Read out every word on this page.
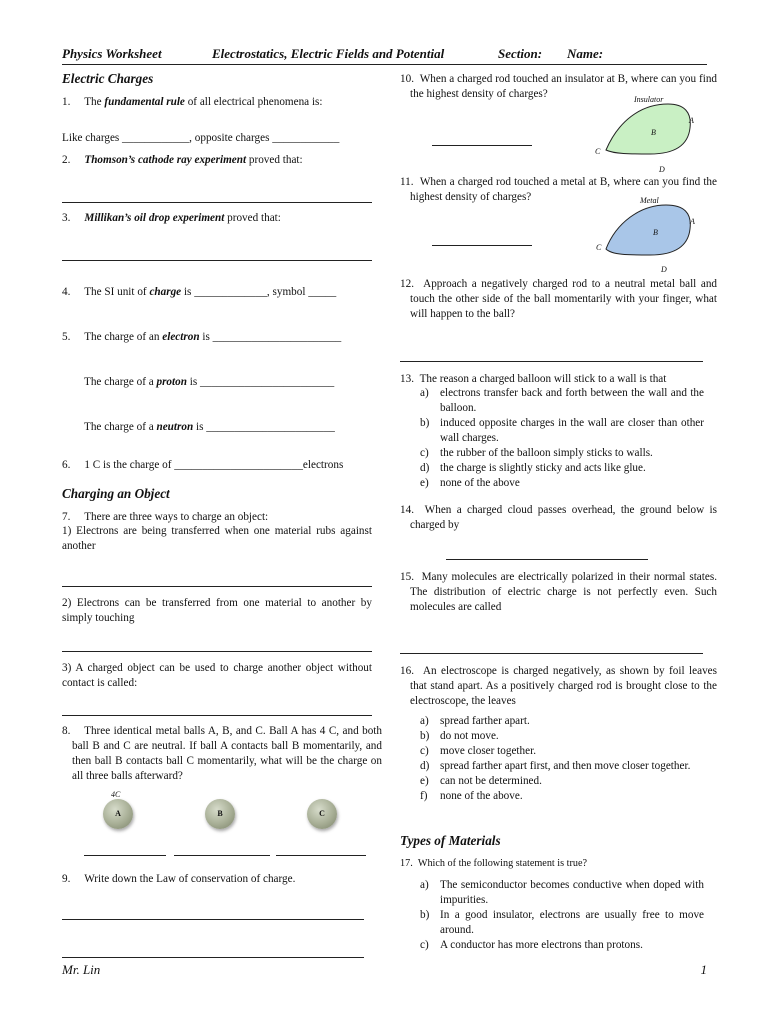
Physics Worksheet	Electrostatics, Electric Fields and Potential	Section: Name:
Electric Charges
1. The fundamental rule of all electrical phenomena is:
Like charges ____________, opposite charges ____________
2. Thomson’s cathode ray experiment proved that:
3. Millikan’s oil drop experiment proved that:
4. The SI unit of charge is _____________, symbol _____
5. The charge of an electron is _______________________
The charge of a proton is ________________________
The charge of a neutron is _______________________
6. 1 C is the charge of _______________________electrons
Charging an Object
7. There are three ways to charge an object:
1) Electrons are being transferred when one material rubs against another
2) Electrons can be transferred from one material to another by simply touching
3) A charged object can be used to charge another object without contact is called:
8. Three identical metal balls A, B, and C. Ball A has 4 C, and both ball B and C are neutral. If ball A contacts ball B momentarily, and then ball B contacts ball C momentarily, what will be the charge on all three balls afterward?
4C
A	B	C
9. Write down the Law of conservation of charge.
10. When a charged rod touched an insulator at B, where can you find the highest density of charges?	Insulator
B
A
C
D
11. When a charged rod touched a metal at B, where can you find the highest density of charges?	Metal
B
A
C
D
12. Approach a negatively charged rod to a neutral metal ball and touch the other side of the ball momentarily with your finger, what will happen to the ball?
13. The reason a charged balloon will stick to a wall is that
a) electrons transfer back and forth between the wall and the balloon.
b) induced opposite charges in the wall are closer than other wall charges.
c) the rubber of the balloon simply sticks to walls.
d) the charge is slightly sticky and acts like glue.
e) none of the above
14. When a charged cloud passes overhead, the ground below is charged by
15. Many molecules are electrically polarized in their normal states. The distribution of electric charge is not perfectly even. Such molecules are called
16. An electroscope is charged negatively, as shown by foil leaves that stand apart. As a positively charged rod is brought close to the electroscope, the leaves
a) spread farther apart.
b) do not move.
c) move closer together.
d) spread farther apart first, and then move closer together.
e) can not be determined.
f) none of the above.
Types of Materials
17. Which of the following statement is true?
a) The semiconductor becomes conductive when doped with impurities.
b) In a good insulator, electrons are usually free to move around.
c) A conductor has more electrons than protons.
Mr. Lin	1
